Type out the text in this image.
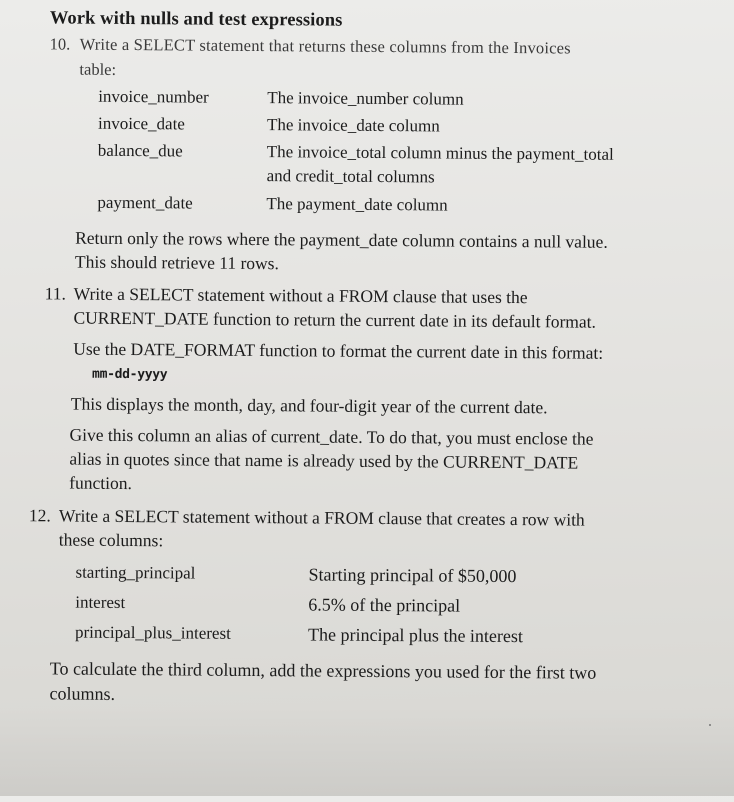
Work with nulls and test expressions
10. Write a SELECT statement that returns these columns from the Invoices
table:
invoice_number	The invoice_number column
invoice_date	The invoice_date column
balance_due	The invoice_total column minus the payment_total
and credit_total columns
payment_date	The payment_date column
Return only the rows where the payment_date column contains a null value.
This should retrieve 11 rows.
11. Write a SELECT statement without a FROM clause that uses the
CURRENT_DATE function to return the current date in its default format.
Use the DATE_FORMAT function to format the current date in this format:
mm-dd-yyyy
This displays the month, day, and four-digit year of the current date.
Give this column an alias of current_date. To do that, you must enclose the
alias in quotes since that name is already used by the CURRENT_DATE
function.
12. Write a SELECT statement without a FROM clause that creates a row with
these columns:
starting_principal	Starting principal of $50,000
interest	6.5% of the principal
principal_plus_interest	The principal plus the interest
To calculate the third column, add the expressions you used for the first two
columns.
